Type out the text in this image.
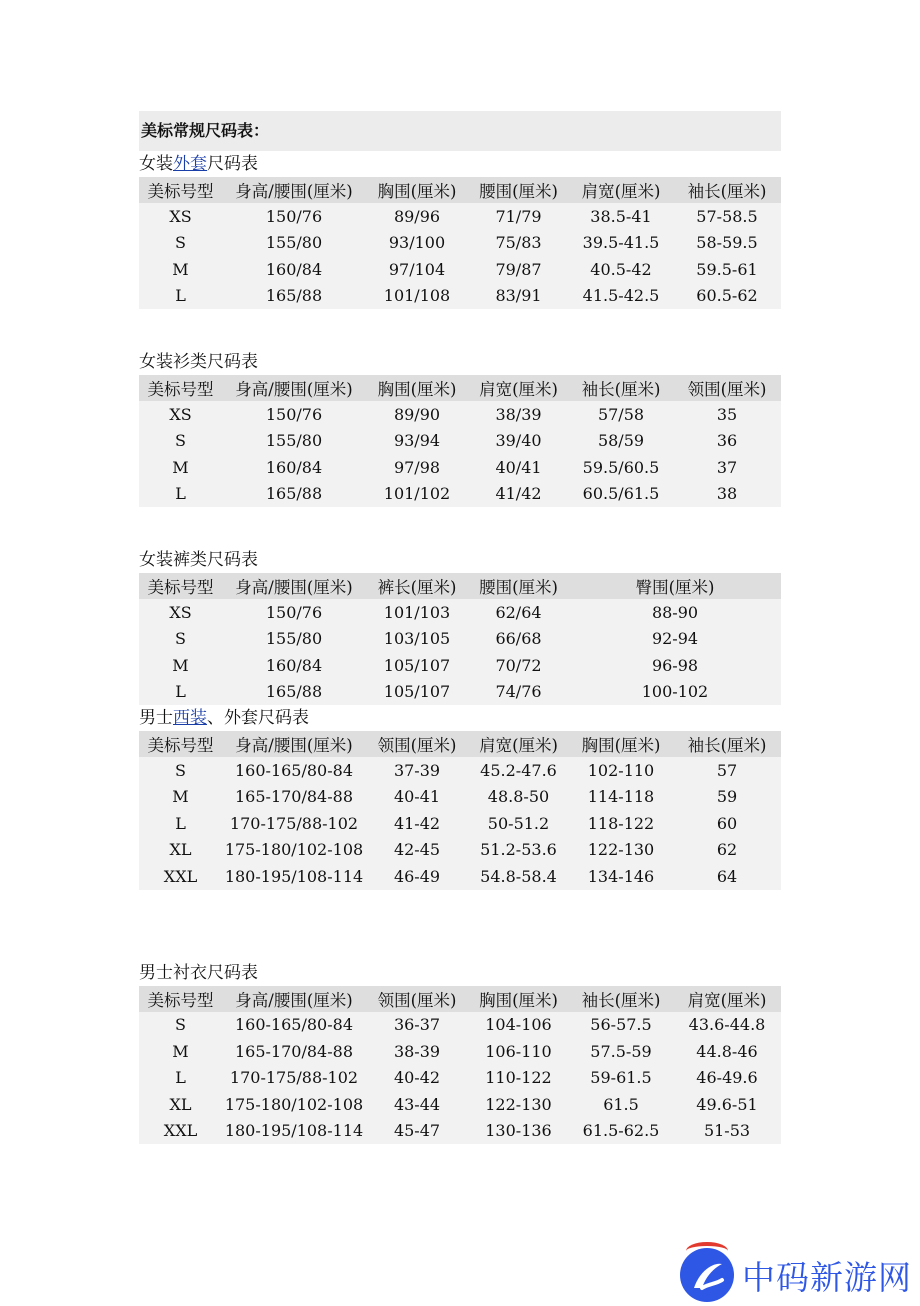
美标常规尺码表：
女装外套尺码表
美标号型	身高/腰围(厘米)	胸围(厘米)	腰围(厘米)	肩宽(厘米)	袖长(厘米)
XS	150/76	89/96	71/79	38.5-41	57-58.5
S	155/80	93/100	75/83	39.5-41.5	58-59.5
M	160/84	97/104	79/87	40.5-42	59.5-61
L	165/88	101/108	83/91	41.5-42.5	60.5-62
女装衫类尺码表
美标号型	身高/腰围(厘米)	胸围(厘米)	肩宽(厘米)	袖长(厘米)	领围(厘米)
XS	150/76	89/90	38/39	57/58	35
S	155/80	93/94	39/40	58/59	36
M	160/84	97/98	40/41	59.5/60.5	37
L	165/88	101/102	41/42	60.5/61.5	38
女装裤类尺码表
美标号型	身高/腰围(厘米)	裤长(厘米)	腰围(厘米)	臀围(厘米)
XS	150/76	101/103	62/64	88-90
S	155/80	103/105	66/68	92-94
M	160/84	105/107	70/72	96-98
L	165/88	105/107	74/76	100-102
男士西装、外套尺码表
美标号型	身高/腰围(厘米)	领围(厘米)	肩宽(厘米)	胸围(厘米)	袖长(厘米)
S	160-165/80-84	37-39	45.2-47.6	102-110	57
M	165-170/84-88	40-41	48.8-50	114-118	59
L	170-175/88-102	41-42	50-51.2	118-122	60
XL	175-180/102-108	42-45	51.2-53.6	122-130	62
XXL	180-195/108-114	46-49	54.8-58.4	134-146	64
男士衬衣尺码表
美标号型	身高/腰围(厘米)	领围(厘米)	胸围(厘米)	袖长(厘米)	肩宽(厘米)
S	160-165/80-84	36-37	104-106	56-57.5	43.6-44.8
M	165-170/84-88	38-39	106-110	57.5-59	44.8-46
L	170-175/88-102	40-42	110-122	59-61.5	46-49.6
XL	175-180/102-108	43-44	122-130	61.5	49.6-51
XXL	180-195/108-114	45-47	130-136	61.5-62.5	51-53
中码新游网
